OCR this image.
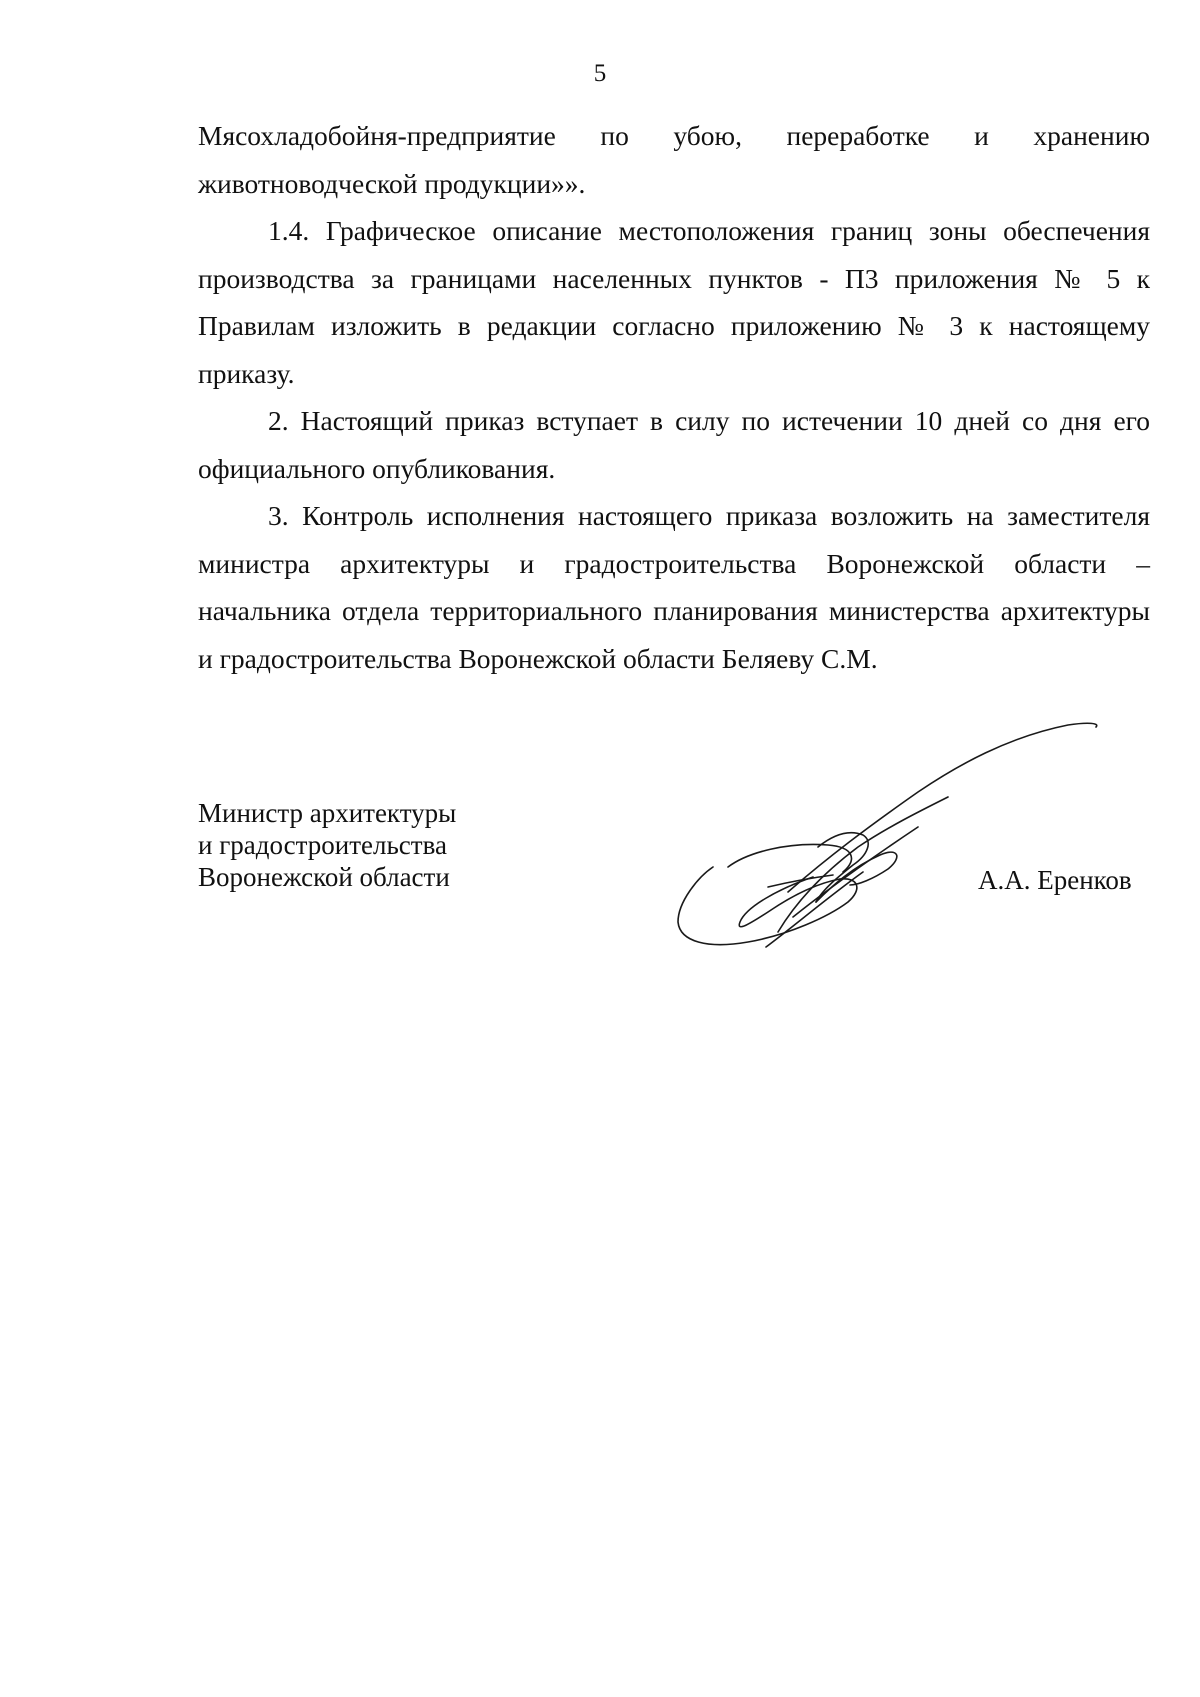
5

Мясохладобойня-предприятие по убою, переработке и хранению

животноводческой продукции»».

1.4. Графическое описание местоположения границ зоны обеспечения производства за границами населенных пунктов - П3 приложения № 5 к Правилам изложить в редакции согласно приложению № 3 к настоящему приказу.

2. Настоящий приказ вступает в силу по истечении 10 дней со дня его официального опубликования.

3. Контроль исполнения настоящего приказа возложить на заместителя министра архитектуры и градостроительства Воронежской области – начальника отдела территориального планирования министерства архитектуры и градостроительства Воронежской области Беляеву С.М.

Министр архитектуры
и градостроительства
Воронежской области	А.А. Еренков
